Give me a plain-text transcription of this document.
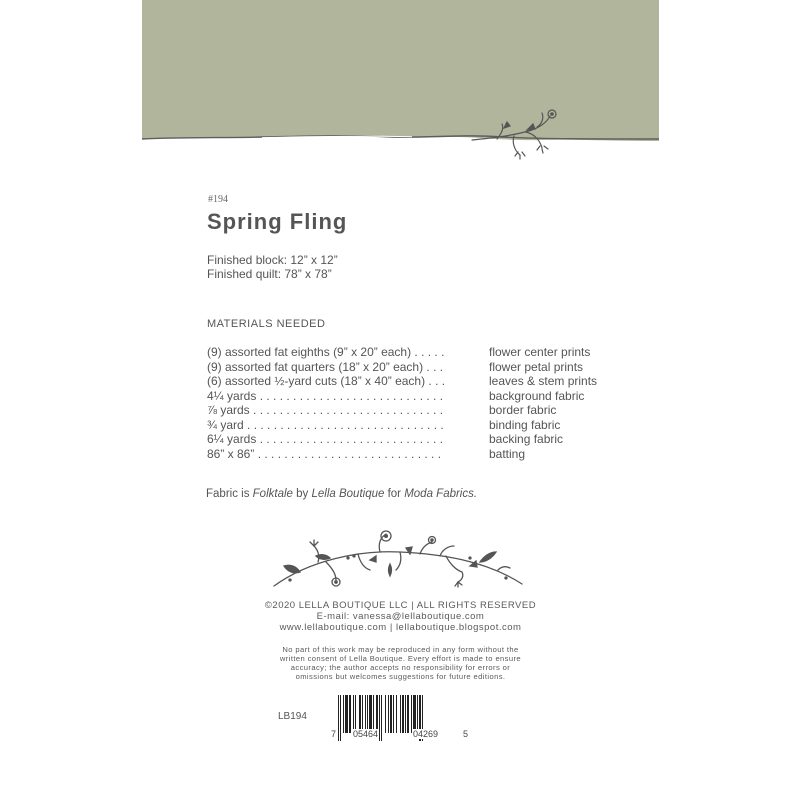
#194
Spring Fling
Finished block: 12” x 12”
Finished quilt: 78” x 78”
MATERIALS NEEDED
(9) assorted fat eighths (9” x 20” each) . . . . .	flower center prints
(9) assorted fat quarters (18” x 20” each) . . .	flower petal prints
(6) assorted ½-yard cuts (18” x 40” each) . . .	leaves & stem prints
4¼ yards . . . . . . . . . . . . . . . . . . . . . . . . . . . .	background fabric
⅞ yards . . . . . . . . . . . . . . . . . . . . . . . . . . . . .	border fabric
¾ yard . . . . . . . . . . . . . . . . . . . . . . . . . . . . . .	binding fabric
6¼ yards . . . . . . . . . . . . . . . . . . . . . . . . . . . .	backing fabric
86” x 86” . . . . . . . . . . . . . . . . . . . . . . . . . . . .	batting
Fabric is Folktale by Lella Boutique for Moda Fabrics.
©2020 LELLA BOUTIQUE LLC | ALL RIGHTS RESERVED
E-mail: vanessa@lellaboutique.com
www.lellaboutique.com | lellaboutique.blogspot.com
No part of this work may be reproduced in any form without the
written consent of Lella Boutique. Every effort is made to ensure
accuracy; the author accepts no responsibility for errors or
omissions but welcomes suggestions for future editions.
LB194
7 05464	04269	5
